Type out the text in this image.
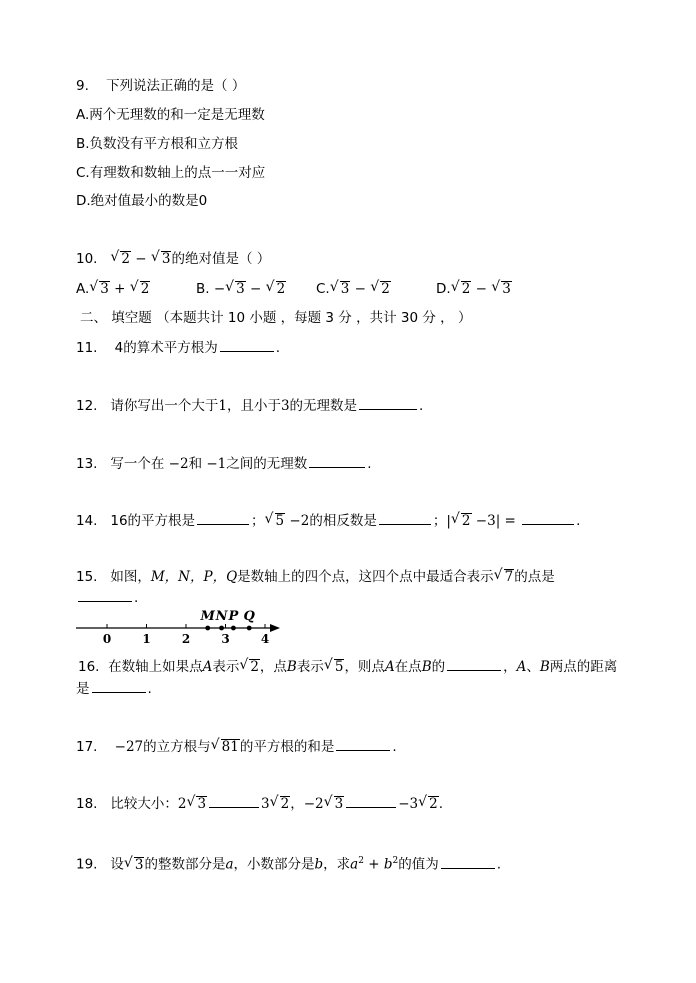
9. 下列说法正确的是（ ）
A.两个无理数的和一定是无理数
B.负数没有平方根和立方根
C.有理数和数轴上的点一一对应
D.绝对值最小的数是0
10. √ 2 − √ 3的绝对值是（ ）
A. √ 3 + √ 2	B. − √ 3 − √ 2 C. √ 3 − √ 2	D. √ 2 − √ 3
二、 填空题 （本题共计 10 小题 ，每题 3 分 ，共计 30 分 ， ）
11. 4的算术平方根为	.
12. 请你写出一个大于1，且小于3的无理数是	.
13. 写一个在 −2和 −1之间的无理数	.
14. 16的平方根是	； √ 5 −2的相反数是	；| √ 2 −3| =	.
15. 如图，M，N，P，Q是数轴上的四个点，这四个点中最适合表示 √ 7的点是
.
0	1	2	3	4
M N P Q
16. 在数轴上如果点A表示 √ 2，点B表示 √ 5，则点A在点B的	，A、B两点的距离
是	.
17. −27的立方根与 √ 81的平方根的和是	.
18. 比较大小：2 √ 3	3 √ 2，−2 √ 3	−3 √ 2.
19. 设 √ 3的整数部分是a，小数部分是b，求$a^2 + b^2$的值为	.
